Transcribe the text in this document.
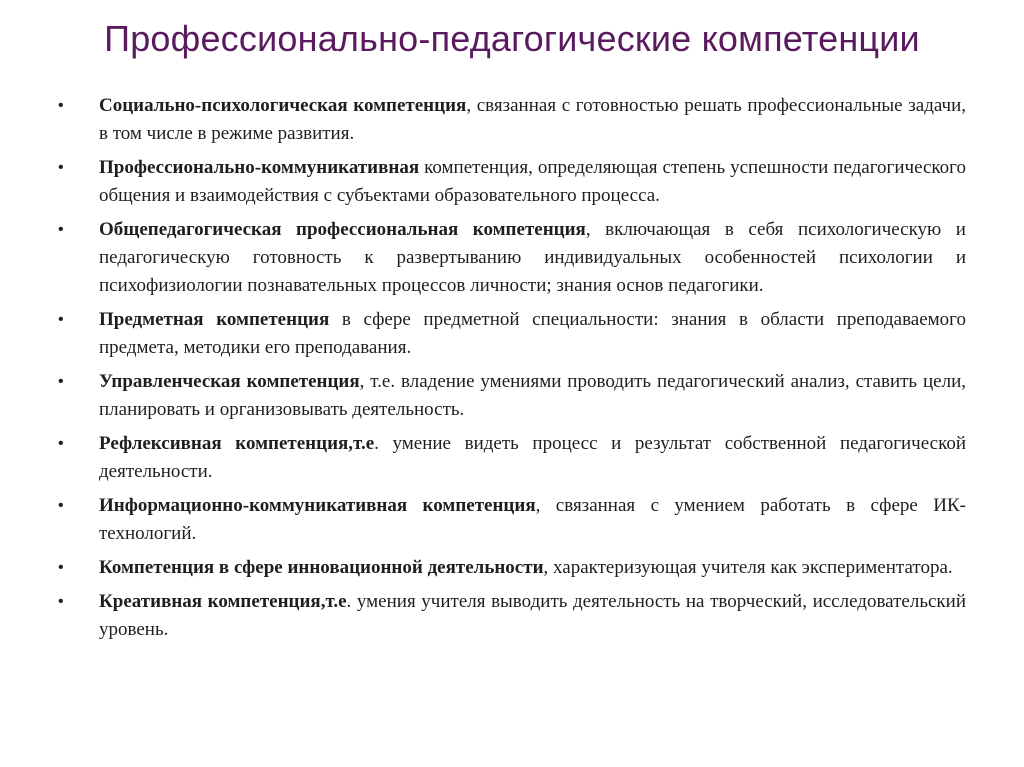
Профессионально-педагогические компетенции
• Социально-психологическая компетенция, связанная с готовностью решать профессиональные задачи, в том числе в режиме развития.
• Профессионально-коммуникативная компетенция, определяющая степень успешности педагогического общения и взаимодействия с субъектами образовательного процесса.
• Общепедагогическая профессиональная компетенция, включающая в себя психологическую и педагогическую готовность к развертыванию индивидуальных особенностей психологии и психофизиологии познавательных процессов личности; знания основ педагогики.
• Предметная компетенция в сфере предметной специальности: знания в области преподаваемого предмета, методики его преподавания.
• Управленческая компетенция, т.е. владение умениями проводить педагогический анализ, ставить цели, планировать и организовывать деятельность.
• Рефлексивная компетенция,т.е. умение видеть процесс и результат собственной педагогической деятельности.
• Информационно-коммуникативная компетенция, связанная с умением работать в сфере ИК-технологий.
• Компетенция в сфере инновационной деятельности, характеризующая учителя как экспериментатора.
• Креативная компетенция,т.е. умения учителя выводить деятельность на творческий, исследовательский уровень.
